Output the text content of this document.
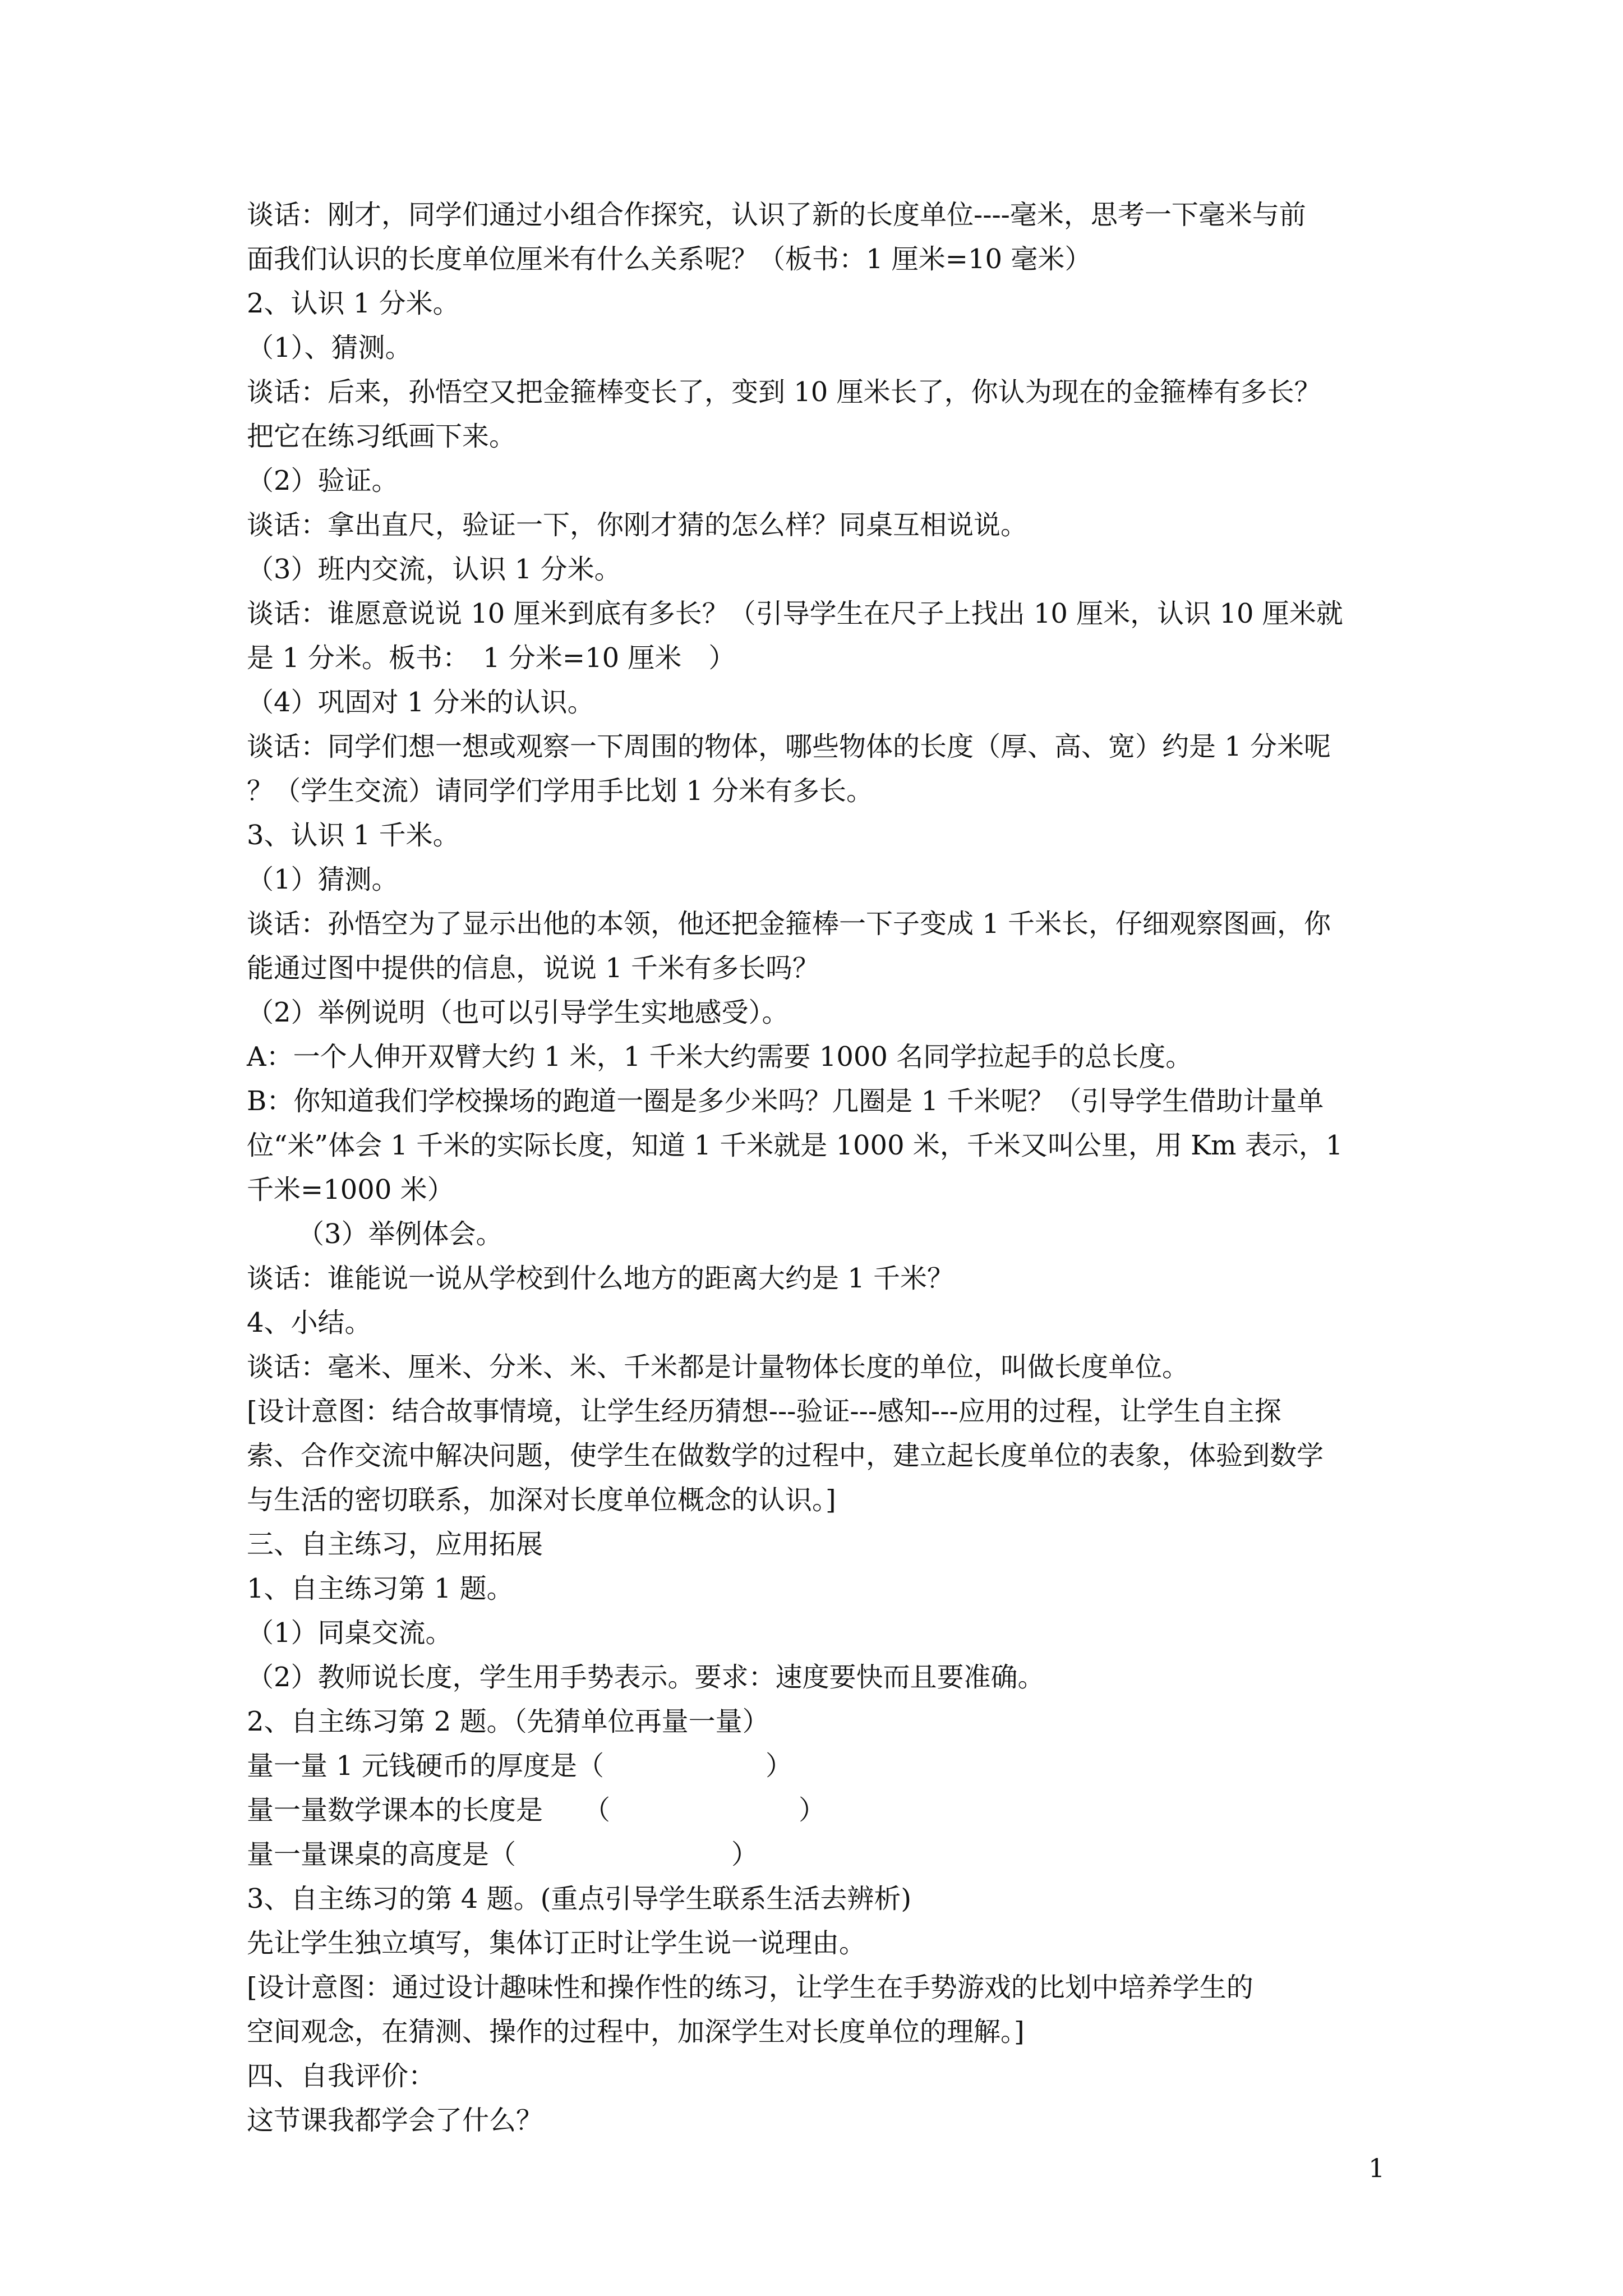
谈话：刚才，同学们通过小组合作探究，认识了新的长度单位----毫米，思考一下毫米与前
面我们认识的长度单位厘米有什么关系呢？（板书：1 厘米=10 毫米）
2、认识 1 分米。
（1）、猜测。
谈话：后来，孙悟空又把金箍棒变长了，变到 10 厘米长了，你认为现在的金箍棒有多长？
把它在练习纸画下来。
（2）验证。
谈话：拿出直尺，验证一下，你刚才猜的怎么样？同桌互相说说。
（3）班内交流，认识 1 分米。
谈话：谁愿意说说 10 厘米到底有多长？（引导学生在尺子上找出 10 厘米，认识 10 厘米就
是 1 分米。板书：　1 分米=10 厘米　）
（4）巩固对 1 分米的认识。
谈话：同学们想一想或观察一下周围的物体，哪些物体的长度（厚、高、宽）约是 1 分米呢
？（学生交流）请同学们学用手比划 1 分米有多长。
3、认识 1 千米。
（1）猜测。
谈话：孙悟空为了显示出他的本领，他还把金箍棒一下子变成 1 千米长，仔细观察图画，你
能通过图中提供的信息，说说 1 千米有多长吗？
（2）举例说明（也可以引导学生实地感受）。
A：一个人伸开双臂大约 1 米，1 千米大约需要 1000 名同学拉起手的总长度。
B：你知道我们学校操场的跑道一圈是多少米吗？几圈是 1 千米呢？（引导学生借助计量单
位“米”体会 1 千米的实际长度，知道 1 千米就是 1000 米，千米又叫公里，用 Km 表示，1
千米=1000 米）
（3）举例体会。
谈话：谁能说一说从学校到什么地方的距离大约是 1 千米？
4、小结。
谈话：毫米、厘米、分米、米、千米都是计量物体长度的单位，叫做长度单位。
[设计意图：结合故事情境，让学生经历猜想---验证---感知---应用的过程，让学生自主探
索、合作交流中解决问题，使学生在做数学的过程中，建立起长度单位的表象，体验到数学
与生活的密切联系，加深对长度单位概念的认识。]
三、自主练习，应用拓展
1、自主练习第 1 题。
（1）同桌交流。
（2）教师说长度，学生用手势表示。要求：速度要快而且要准确。
2、自主练习第 2 题。（先猜单位再量一量）
量一量 1 元钱硬币的厚度是（　　　　　　）
量一量数学课本的长度是　　（　　　　　　　）
量一量课桌的高度是（　　　　　　　　）
3、自主练习的第 4 题。(重点引导学生联系生活去辨析)
先让学生独立填写，集体订正时让学生说一说理由。
[设计意图：通过设计趣味性和操作性的练习，让学生在手势游戏的比划中培养学生的
空间观念，在猜测、操作的过程中，加深学生对长度单位的理解。]
四、自我评价：
这节课我都学会了什么？
1
